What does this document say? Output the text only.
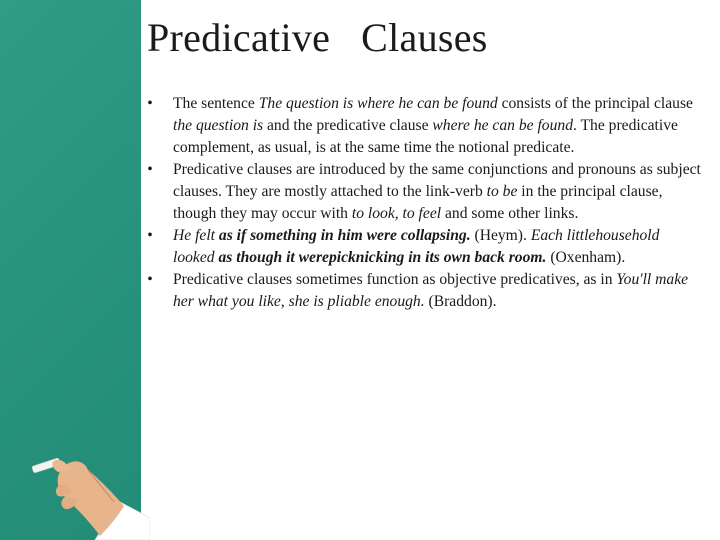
Predicative   Clauses
• The sentence The question is where he can be found consists of the principal clause the question is and the predicative clause where he can be found. The predicative complement, as usual, is at the same time the notional predicate.
• Predicative clauses are introduced by the same conjunctions and pronouns as subject clauses. They are mostly attached to the link-verb to be in the principal clause, though they may occur with to look, to feel and some other links.
• He felt as if something in him were collapsing. (Heym). Each littlehousehold looked as though it werepicknicking in its own back room. (Oxenham).
• Predicative clauses sometimes function as objective predicatives, as in You'll make her what you like, she is pliable enough. (Braddon).
